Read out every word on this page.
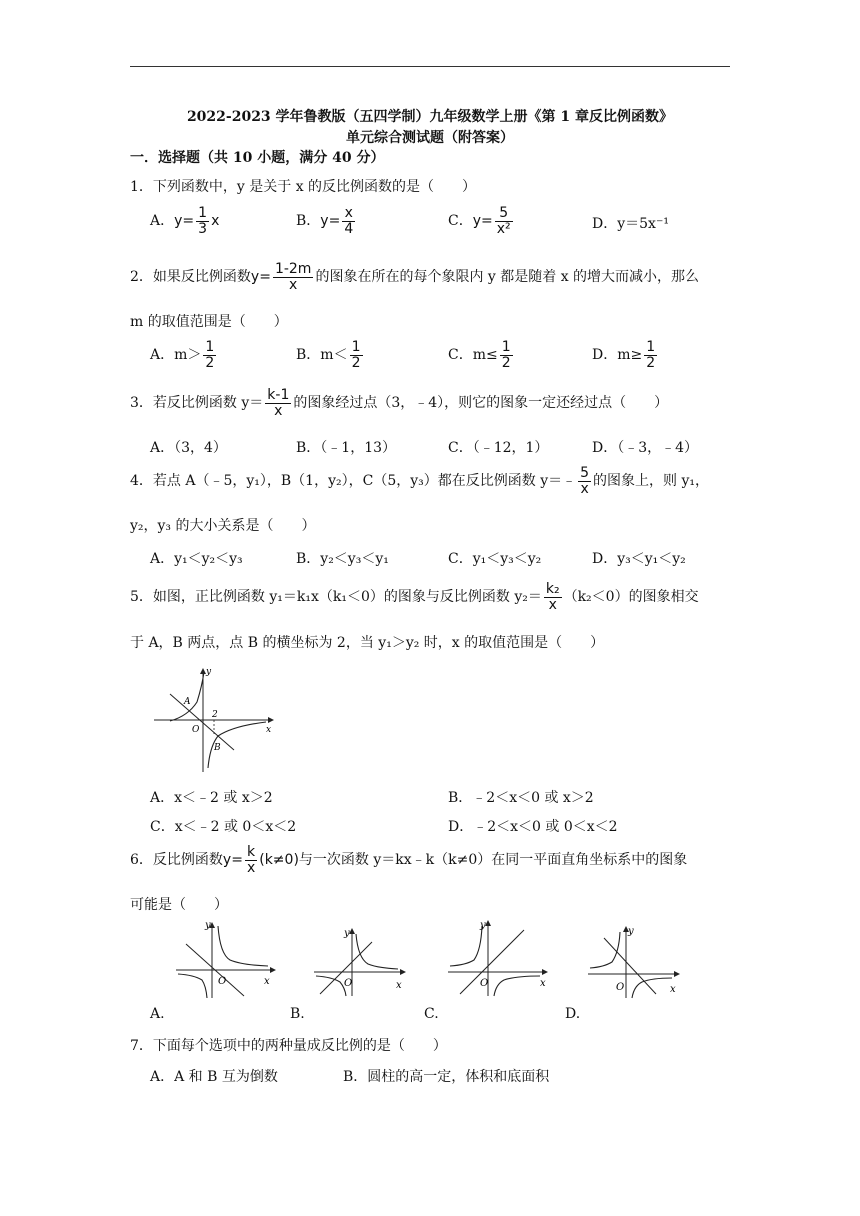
2022-2023 学年鲁教版（五四学制）九年级数学上册《第 1 章反比例函数》
单元综合测试题（附答案）
一．选择题（共 10 小题，满分 40 分）
1．下列函数中，y 是关于 x 的反比例函数的是（　　）
A．$y= \frac{1}{3}$ x	B．$y= \frac{x}{4}$	C．$y= \frac{5}{\text{x²}}$	D．y＝5x⁻¹
2．如果反比例函数$y= \frac{1-2m}{x}$ 的图象在所在的每个象限内 y 都是随着 x 的增大而减小，那么
m 的取值范围是（　　）
A．$m> \frac{1}{2}$	B．$m< \frac{1}{2}$	C．$m\le \frac{1}{2}$	D．$m\ge \frac{1}{2}$
3．若反比例函数 $y= \frac{k-1}{x}$ 的图象经过点（3，﹣4），则它的图象一定还经过点（　　）
A．（3，4）	B．（﹣1，13）	C．（﹣12，1）	D．（﹣3，﹣4）
4．若点 A（﹣5，y₁），B（1，y₂），C（5，y₃）都在反比例函数 y＝﹣ $\frac{5}{x}$ 的图象上，则 y₁，
y₂，y₃ 的大小关系是（　　）
A．y₁＜y₂＜y₃	B．y₂＜y₃＜y₁	C．y₁＜y₃＜y₂	D．y₃＜y₁＜y₂
5．如图，正比例函数 y₁＝k₁x（k₁＜0）的图象与反比例函数 $y_2= \frac{\text{k₂}}{x} (k_2<0)$的图象相交
于 A，B 两点，点 B 的横坐标为 2，当 y₁＞y₂ 时，x 的取值范围是（　　）
y
x
O
A
B
2
A．x＜﹣2 或 x＞2	B．﹣2＜x＜0 或 x＞2
C．x＜﹣2 或 0＜x＜2	D．﹣2＜x＜0 或 0＜x＜2
6．反比例函数$y= \frac{k}{x} (k\ne 0)$与一次函数 y＝kx﹣k（k≠0）在同一平面直角坐标系中的图象
可能是（　　）
y
x
O
y
x
O
y
x
O
y
x
O
A.	B.	C.	D.
7．下面每个选项中的两种量成反比例的是（　　）
A．A 和 B 互为倒数	B．圆柱的高一定，体积和底面积
